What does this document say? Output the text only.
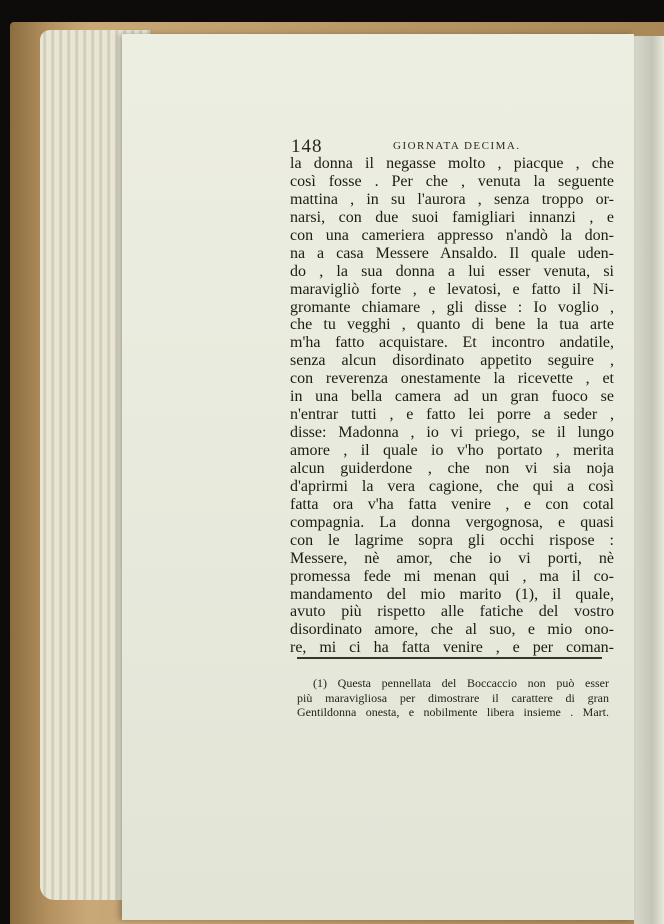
148	GIORNATA DECIMA.
la donna il negasse molto , piacque , che
così fosse . Per che , venuta la seguente
mattina , in su l'aurora , senza troppo or-
narsi, con due suoi famigliari innanzi , e
con una cameriera appresso n'andò la don-
na a casa Messere Ansaldo. Il quale uden-
do , la sua donna a lui esser venuta, si
maravigliò forte , e levatosi, e fatto il Ni-
gromante chiamare , gli disse : Io voglio ,
che tu vegghi , quanto di bene la tua arte
m'ha fatto acquistare. Et incontro andatile,
senza alcun disordinato appetito seguire ,
con reverenza onestamente la ricevette , et
in una bella camera ad un gran fuoco se
n'entrar tutti , e fatto lei porre a seder ,
disse: Madonna , io vi priego, se il lungo
amore , il quale io v'ho portato , merita
alcun guiderdone , che non vi sia noja
d'aprirmi la vera cagione, che qui a così
fatta ora v'ha fatta venire , e con cotal
compagnia. La donna vergognosa, e quasi
con le lagrime sopra gli occhi rispose :
Messere, nè amor, che io vi porti, nè
promessa fede mi menan qui , ma il co-
mandamento del mio marito (1), il quale,
avuto più rispetto alle fatiche del vostro
disordinato amore, che al suo, e mio ono-
re, mi ci ha fatta venire , e per coman-
(1) Questa pennellata del Boccaccio non può esser
più maravigliosa per dimostrare il carattere di gran
Gentildonna onesta, e nobilmente libera insieme . Mart.
